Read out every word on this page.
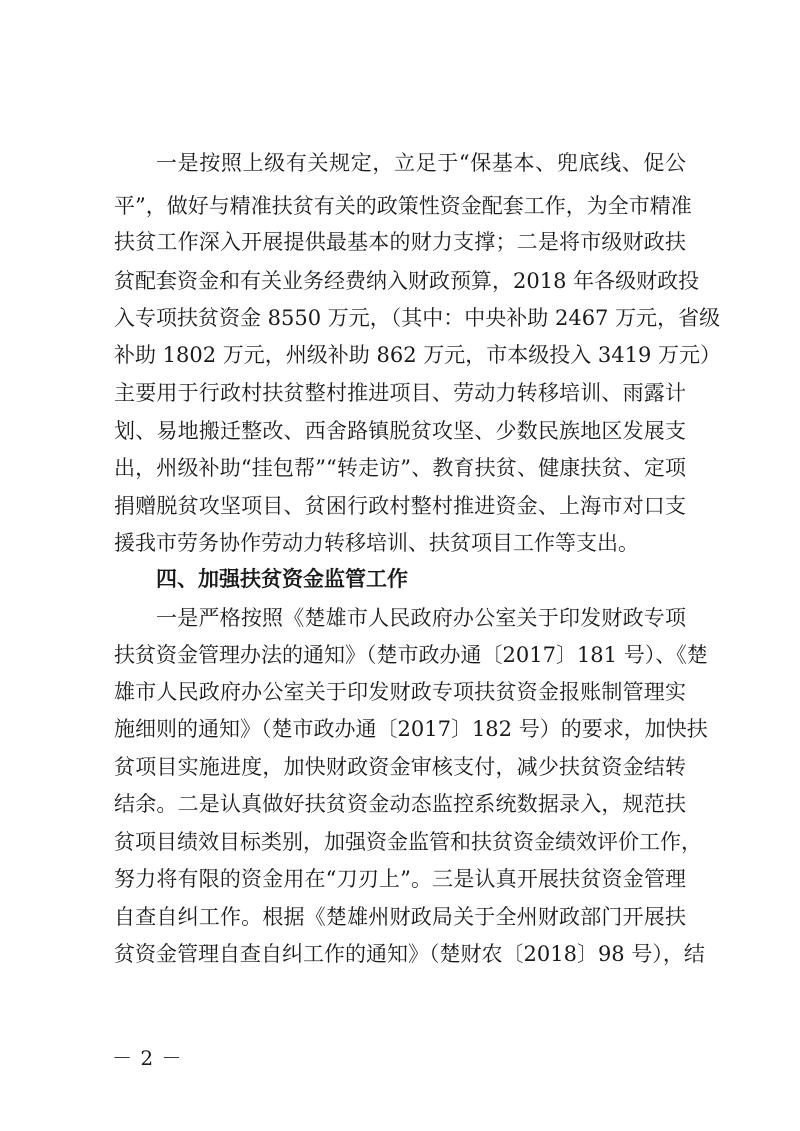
一是按照上级有关规定，立足于“保基本、兜底线、促公
平”，做好与精准扶贫有关的政策性资金配套工作，为全市精准
扶贫工作深入开展提供最基本的财力支撑；二是将市级财政扶
贫配套资金和有关业务经费纳入财政预算，2018 年各级财政投
入专项扶贫资金 8550 万元，（其中：中央补助 2467 万元，省级
补助 1802 万元，州级补助 862 万元，市本级投入 3419 万元）
主要用于行政村扶贫整村推进项目、劳动力转移培训、雨露计
划、易地搬迁整改、西舍路镇脱贫攻坚、少数民族地区发展支
出，州级补助“挂包帮”“转走访”、教育扶贫、健康扶贫、定项
捐赠脱贫攻坚项目、贫困行政村整村推进资金、上海市对口支
援我市劳务协作劳动力转移培训、扶贫项目工作等支出。
四、加强扶贫资金监管工作
一是严格按照《楚雄市人民政府办公室关于印发财政专项
扶贫资金管理办法的通知》（楚市政办通〔2017〕181 号）、《楚
雄市人民政府办公室关于印发财政专项扶贫资金报账制管理实
施细则的通知》（楚市政办通〔2017〕182 号）的要求，加快扶
贫项目实施进度，加快财政资金审核支付，减少扶贫资金结转
结余。二是认真做好扶贫资金动态监控系统数据录入，规范扶
贫项目绩效目标类别，加强资金监管和扶贫资金绩效评价工作，
努力将有限的资金用在“刀刃上”。三是认真开展扶贫资金管理
自查自纠工作。根据《楚雄州财政局关于全州财政部门开展扶
贫资金管理自查自纠工作的通知》（楚财农〔2018〕98 号），结
－ 2 －
